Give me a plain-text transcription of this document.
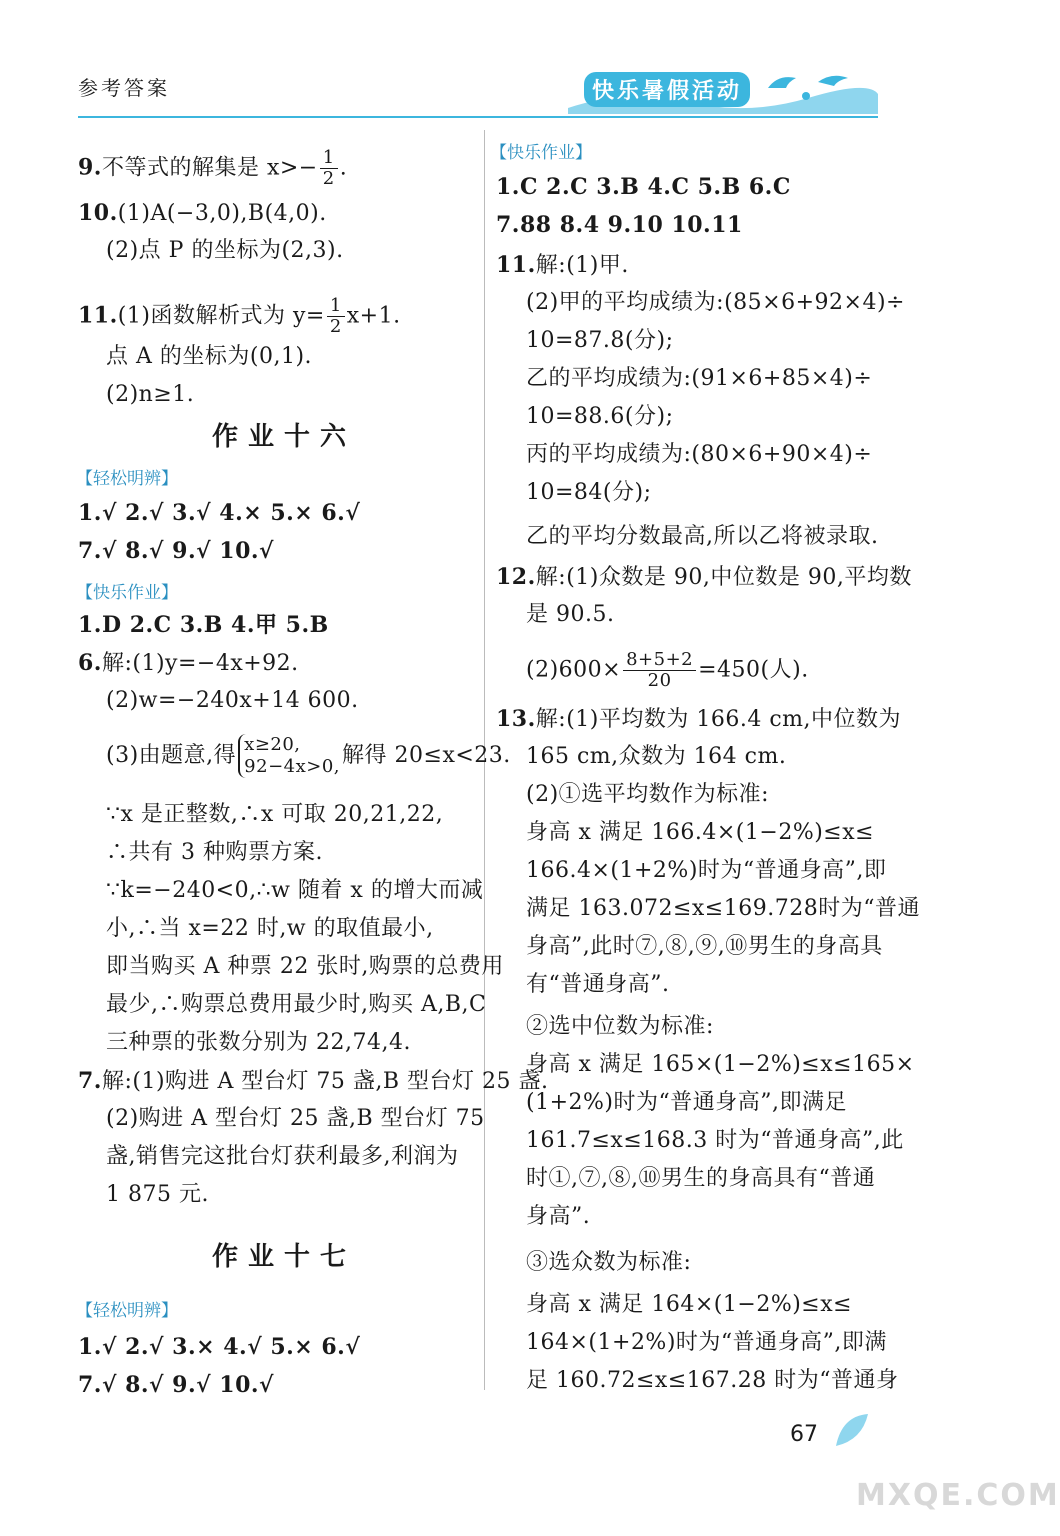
参考答案	快乐暑假活动
9.不等式的解集是 $x>- \frac{1}{2}$ .
10.(1)A(−3,0),B(4,0).
(2)点 P 的坐标为(2,3).
11.(1)函数解析式为 $y= \frac{1}{2} x+1$.
点 A 的坐标为(0,1).
(2)n≥1.
作业十六
【轻松明辨】
1.√ 2.√ 3.√ 4.× 5.× 6.√
7.√ 8.√ 9.√ 10.√
【快乐作业】
1.D 2.C 3.B 4.甲 5.B
6.解:(1)y=−4x+92.
(2)w=−240x+14 600.
(3)由题意,得 x≥20,
92−4x>0, 解得 20≤x<23.
∵x 是正整数,∴x 可取 20,21,22,
∴共有 3 种购票方案.
∵k=−240<0,∴w 随着 x 的增大而减
小,∴当 x=22 时,w 的取值最小,
即当购买 A 种票 22 张时,购票的总费用
最少,∴购票总费用最少时,购买 A,B,C
三种票的张数分别为 22,74,4.
7.解:(1)购进 A 型台灯 75 盏,B 型台灯 25 盏.
(2)购进 A 型台灯 25 盏,B 型台灯 75
盏,销售完这批台灯获利最多,利润为
1 875 元.
作业十七
【轻松明辨】
1.√ 2.√ 3.× 4.√ 5.× 6.√
7.√ 8.√ 9.√ 10.√
【快乐作业】
1.C 2.C 3.B 4.C 5.B 6.C
7.88 8.4 9.10 10.11
11.解:(1)甲.
(2)甲的平均成绩为:(85×6+92×4)÷
10=87.8(分);
乙的平均成绩为:(91×6+85×4)÷
10=88.6(分);
丙的平均成绩为:(80×6+90×4)÷
10=84(分);
乙的平均分数最高,所以乙将被录取.
12.解:(1)众数是 90,中位数是 90,平均数
是 90.5.
$(2)600\times \frac{8+5+2}{20} =450$(人).
13.解:(1)平均数为 166.4 cm,中位数为
165 cm,众数为 164 cm.
(2)①选平均数作为标准:
身高 x 满足 166.4×(1−2%)≤x≤
166.4×(1+2%)时为“普通身高”,即
满足 163.072≤x≤169.728时为“普通
身高”,此时⑦,⑧,⑨,⑩男生的身高具
有“普通身高”.
②选中位数为标准:
身高 x 满足 165×(1−2%)≤x≤165×
(1+2%)时为“普通身高”,即满足
161.7≤x≤168.3 时为“普通身高”,此
时①,⑦,⑧,⑩男生的身高具有“普通
身高”.
③选众数为标准:
身高 x 满足 164×(1−2%)≤x≤
164×(1+2%)时为“普通身高”,即满
足 160.72≤x≤167.28 时为“普通身
67
MXQE.COM
